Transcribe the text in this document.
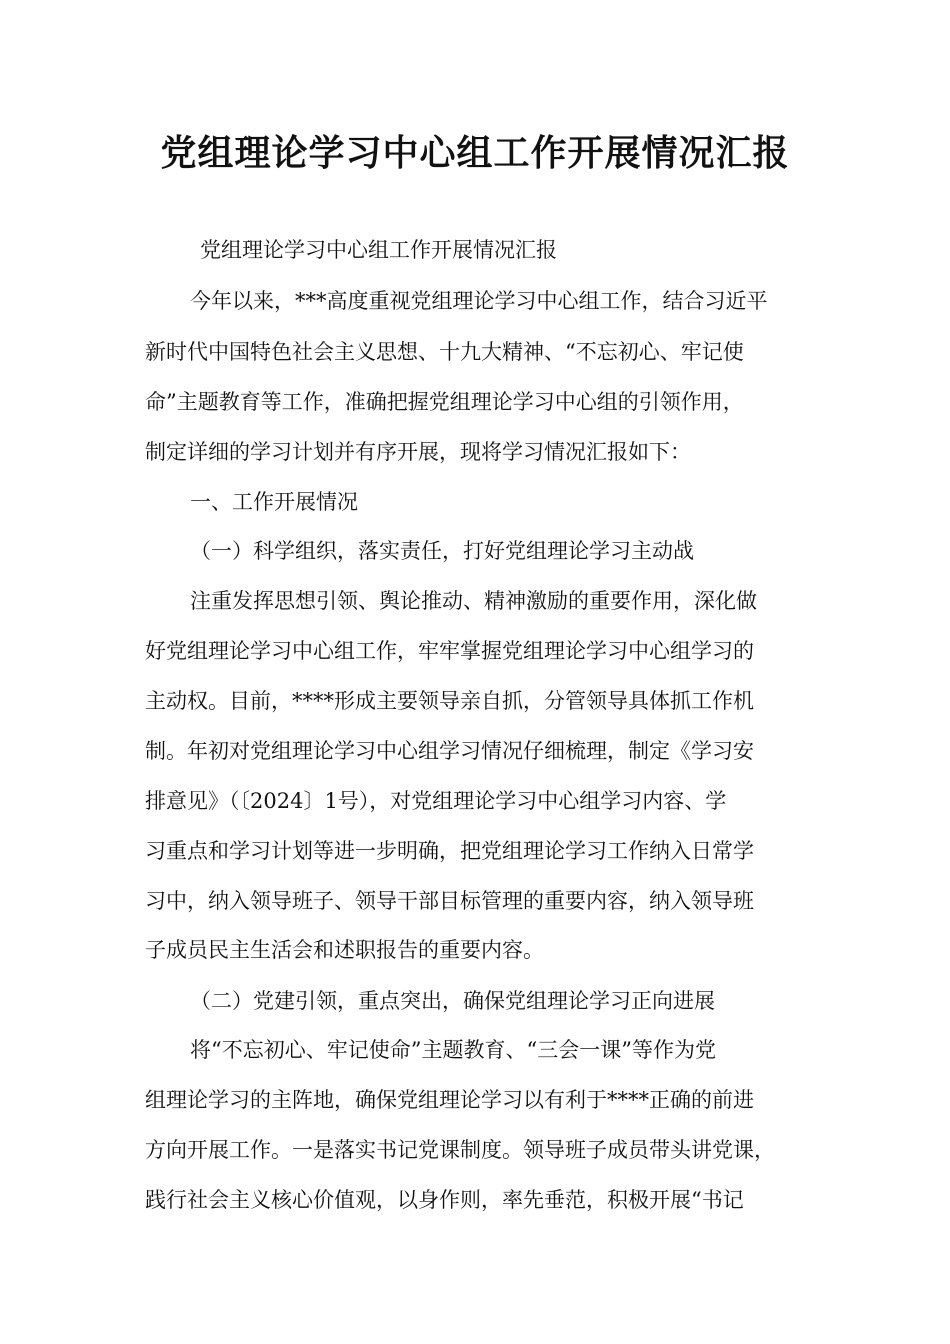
党组理论学习中心组工作开展情况汇报

党组理论学习中心组工作开展情况汇报

今年以来，***高度重视党组理论学习中心组工作，结合习近平

新时代中国特色社会主义思想、十九大精神、“不忘初心、牢记使

命”主题教育等工作，准确把握党组理论学习中心组的引领作用，

制定详细的学习计划并有序开展，现将学习情况汇报如下：

一、工作开展情况

（一）科学组织，落实责任，打好党组理论学习主动战

注重发挥思想引领、舆论推动、精神激励的重要作用，深化做

好党组理论学习中心组工作，牢牢掌握党组理论学习中心组学习的

主动权。目前，****形成主要领导亲自抓，分管领导具体抓工作机

制。年初对党组理论学习中心组学习情况仔细梳理，制定《学习安

排意见》（〔2024〕1号），对党组理论学习中心组学习内容、学

习重点和学习计划等进一步明确，把党组理论学习工作纳入日常学

习中，纳入领导班子、领导干部目标管理的重要内容，纳入领导班

子成员民主生活会和述职报告的重要内容。

（二）党建引领，重点突出，确保党组理论学习正向进展

将“不忘初心、牢记使命”主题教育、“三会一课”等作为党

组理论学习的主阵地，确保党组理论学习以有利于****正确的前进

方向开展工作。一是落实书记党课制度。领导班子成员带头讲党课，

践行社会主义核心价值观，以身作则，率先垂范，积极开展“书记
